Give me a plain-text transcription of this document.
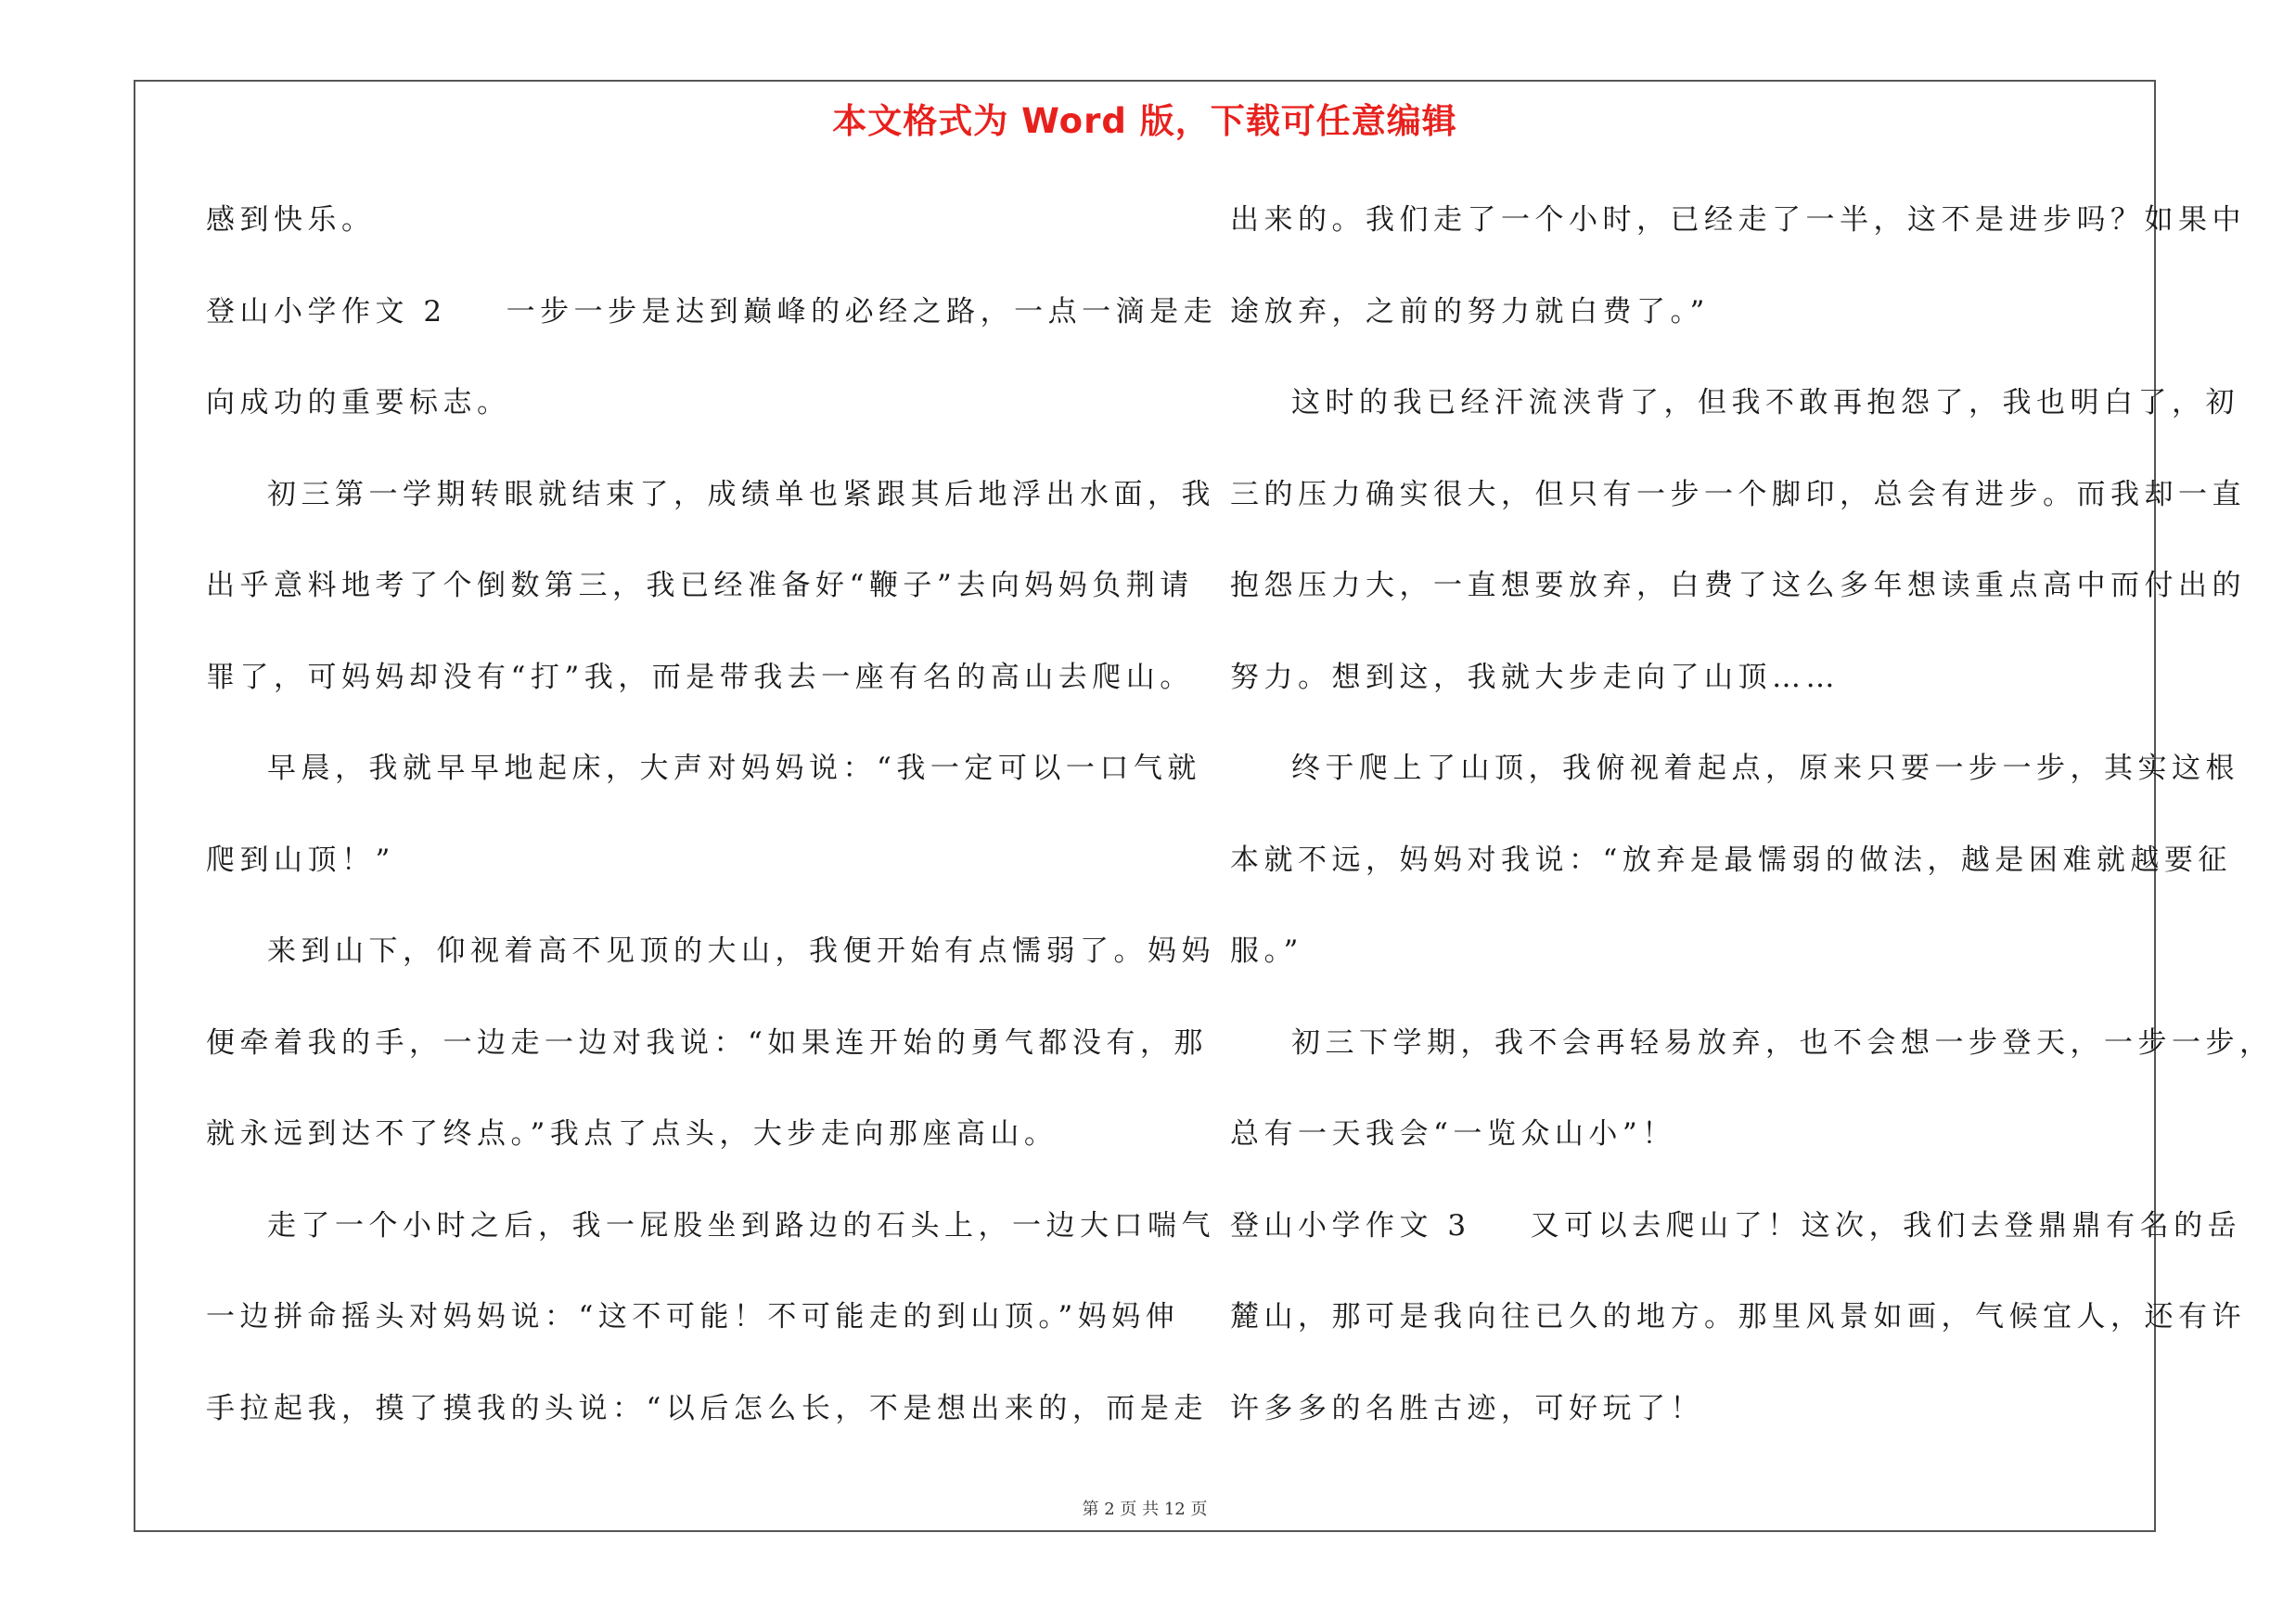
本文格式为 Word 版，下载可任意编辑
感到快乐。
登山小学作文 2 一步一步是达到巅峰的必经之路，一点一滴是走
向成功的重要标志。
初三第一学期转眼就结束了，成绩单也紧跟其后地浮出水面，我
出乎意料地考了个倒数第三，我已经准备好“鞭子”去向妈妈负荆请
罪了，可妈妈却没有“打”我，而是带我去一座有名的高山去爬山。
早晨，我就早早地起床，大声对妈妈说：“我一定可以一口气就
爬到山顶！”
来到山下，仰视着高不见顶的大山，我便开始有点懦弱了。妈妈
便牵着我的手，一边走一边对我说：“如果连开始的勇气都没有，那
就永远到达不了终点。”我点了点头，大步走向那座高山。
走了一个小时之后，我一屁股坐到路边的石头上，一边大口喘气
一边拼命摇头对妈妈说：“这不可能！不可能走的到山顶。”妈妈伸
手拉起我，摸了摸我的头说：“以后怎么长，不是想出来的，而是走
出来的。我们走了一个小时，已经走了一半，这不是进步吗？如果中
途放弃，之前的努力就白费了。”
这时的我已经汗流浃背了，但我不敢再抱怨了，我也明白了，初
三的压力确实很大，但只有一步一个脚印，总会有进步。而我却一直
抱怨压力大，一直想要放弃，白费了这么多年想读重点高中而付出的
努力。想到这，我就大步走向了山顶……
终于爬上了山顶，我俯视着起点，原来只要一步一步，其实这根
本就不远，妈妈对我说：“放弃是最懦弱的做法，越是困难就越要征
服。”
初三下学期，我不会再轻易放弃，也不会想一步登天，一步一步，
总有一天我会“一览众山小”！
登山小学作文 3 又可以去爬山了！这次，我们去登鼎鼎有名的岳
麓山，那可是我向往已久的地方。那里风景如画，气候宜人，还有许
许多多的名胜古迹，可好玩了！
第 2 页 共 12 页
